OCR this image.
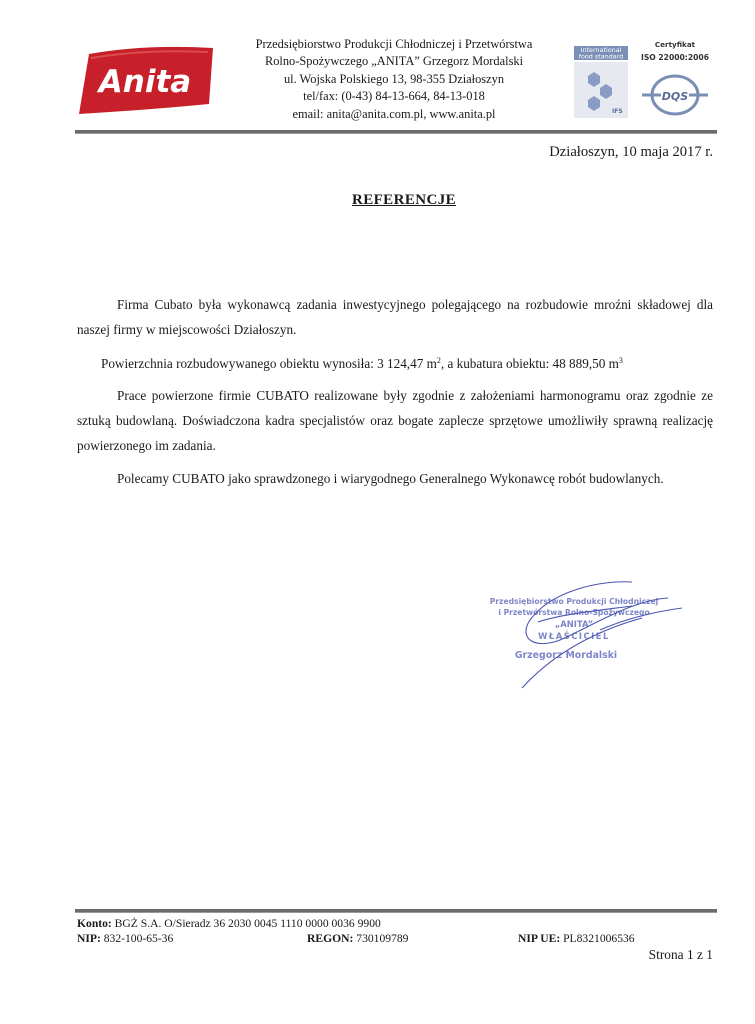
Anita
Przedsiębiorstwo Produkcji Chłodniczej i Przetwórstwa
Rolno-Spożywczego „ANITA” Grzegorz Mordalski
ul. Wojska Polskiego 13, 98-355 Działoszyn
tel/fax: (0-43) 84-13-664, 84-13-018
email: anita@anita.com.pl, www.anita.pl
International
food standard
IFS
Certyfikat
ISO 22000:2006
DQS
Działoszyn, 10 maja 2017 r.
REFERENCJE
Firma Cubato była wykonawcą zadania inwestycyjnego polegającego na rozbudowie mroźni składowej dla naszej firmy w miejscowości Działoszyn.
Powierzchnia rozbudowywanego obiektu wynosiła: 3 124,47 $m^2$, a kubatura obiektu: 48 889,50 $m^3$
Prace powierzone firmie CUBATO realizowane były zgodnie z założeniami harmonogramu oraz zgodnie ze sztuką budowlaną. Doświadczona kadra specjalistów oraz bogate zaplecze sprzętowe umożliwiły sprawną realizację powierzonego im zadania.
Polecamy CUBATO jako sprawdzonego i wiarygodnego Generalnego Wykonawcę robót budowlanych.
Przedsiębiorstwo Produkcji Chłodniczej
i Przetwórstwa Rolno-Spożywczego
„ANITA”
WŁAŚCICIEL
Grzegorz Mordalski
Konto: BGŻ S.A. O/Sieradz 36 2030 0045 1110 0000 0036 9900
NIP: 832-100-65-36	REGON: 730109789	NIP UE: PL8321006536
Strona 1 z 1
